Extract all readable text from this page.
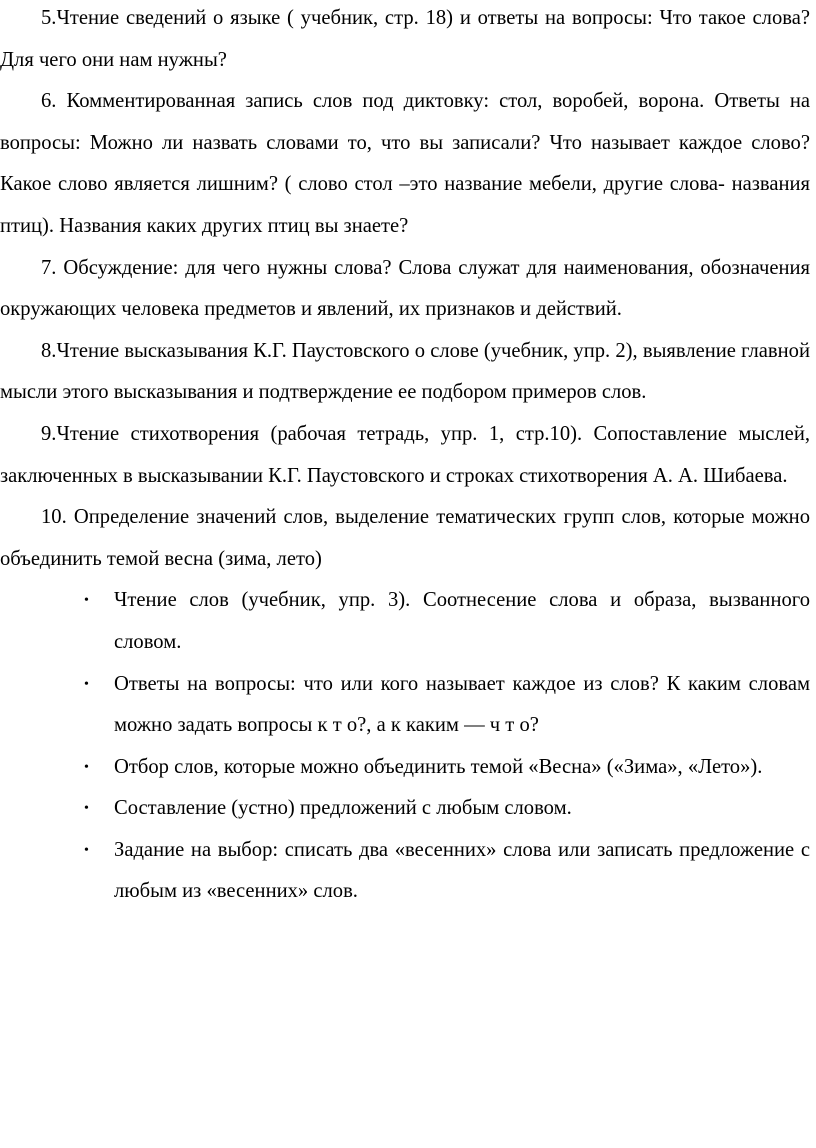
5.Чтение сведений о языке ( учебник, стр. 18) и ответы на вопросы: Что такое слова? Для чего они нам нужны?

6. Комментированная запись слов под диктовку: стол, воробей, ворона. Ответы на вопросы: Можно ли назвать словами то, что вы записали? Что называет каждое слово? Какое слово является лишним? ( слово стол –это название мебели, другие слова- названия птиц). Названия каких других птиц вы знаете?

7. Обсуждение: для чего нужны слова? Слова служат для наименования, обозначения окружающих человека предметов и явлений, их признаков и действий.

8.Чтение высказывания К.Г. Паустовского о слове (учебник, упр. 2), выявление главной мысли этого высказывания и подтверждение ее подбором примеров слов.

9.Чтение стихотворения (рабочая тетрадь, упр. 1, стр.10). Сопоставление мыслей, заключенных в высказывании К.Г. Паустовского и строках стихотворения А. А. Шибаева.

10. Определение значений слов, выделение тематических групп слов, которые можно объединить темой весна (зима, лето)

• Чтение слов (учебник, упр. 3). Соотнесение слова и образа, вызванного словом.
• Ответы на вопросы: что или кого называет каждое из слов? К каким словам можно задать вопросы к т о?, а к каким — ч т о?
• Отбор слов, которые можно объединить темой «Весна» («Зима», «Лето»).
• Составление (устно) предложений с любым словом.
• Задание на выбор: списать два «весенних» слова или записать предложение с любым из «весенних» слов.
